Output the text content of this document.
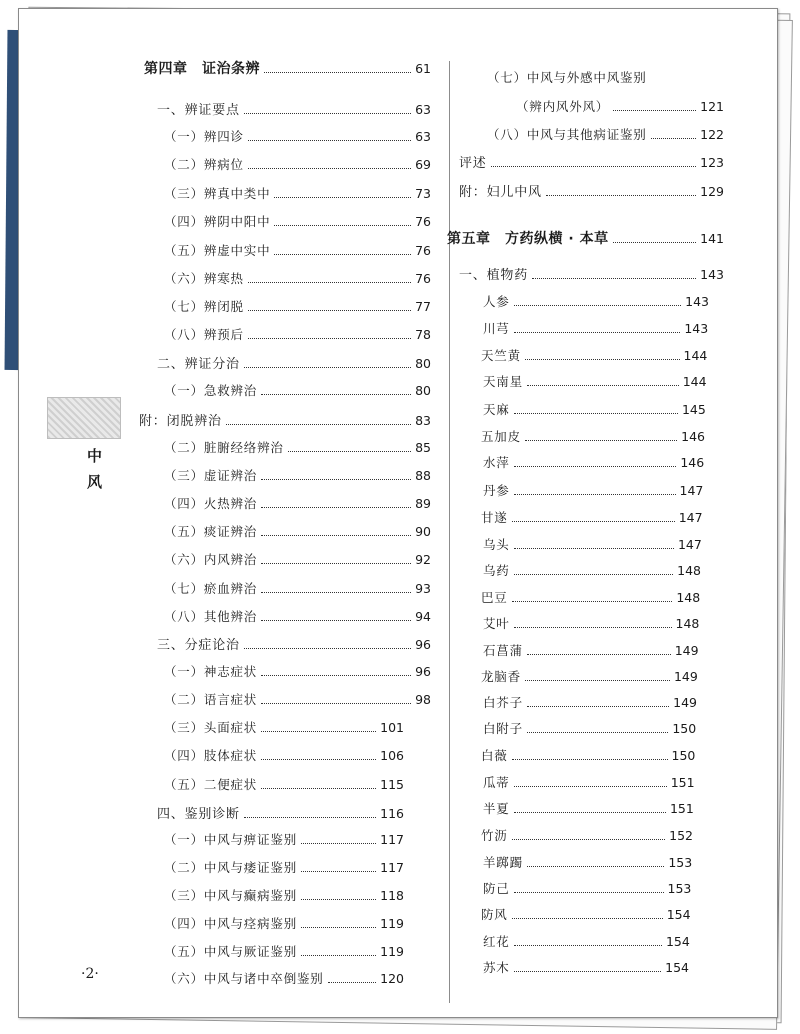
中
风
·2·
第四章　证治条辨	61
一、辨证要点	63
（一）辨四诊	63
（二）辨病位	69
（三）辨真中类中	73
（四）辨阴中阳中	76
（五）辨虚中实中	76
（六）辨寒热	76
（七）辨闭脱	77
（八）辨预后	78
二、辨证分治	80
（一）急救辨治	80
附：闭脱辨治	83
（二）脏腑经络辨治	85
（三）虚证辨治	88
（四）火热辨治	89
（五）痰证辨治	90
（六）内风辨治	92
（七）瘀血辨治	93
（八）其他辨治	94
三、分症论治	96
（一）神志症状	96
（二）语言症状	98
（三）头面症状	101
（四）肢体症状	106
（五）二便症状	115
四、鉴别诊断	116
（一）中风与痹证鉴别	117
（二）中风与痿证鉴别	117
（三）中风与癫病鉴别	118
（四）中风与痉病鉴别	119
（五）中风与厥证鉴别	119
（六）中风与诸中卒倒鉴别	120
（七）中风与外感中风鉴别
（辨内风外风）	121
（八）中风与其他病证鉴别	122
评述	123
附：妇儿中风	129
第五章　方药纵横 · 本草	141
一、植物药	143
人参	143
川芎	143
天竺黄	144
天南星	144
天麻	145
五加皮	146
水萍	146
丹参	147
甘遂	147
乌头	147
乌药	148
巴豆	148
艾叶	148
石菖蒲	149
龙脑香	149
白芥子	149
白附子	150
白薇	150
瓜蒂	151
半夏	151
竹沥	152
羊踯躅	153
防己	153
防风	154
红花	154
苏木	154
